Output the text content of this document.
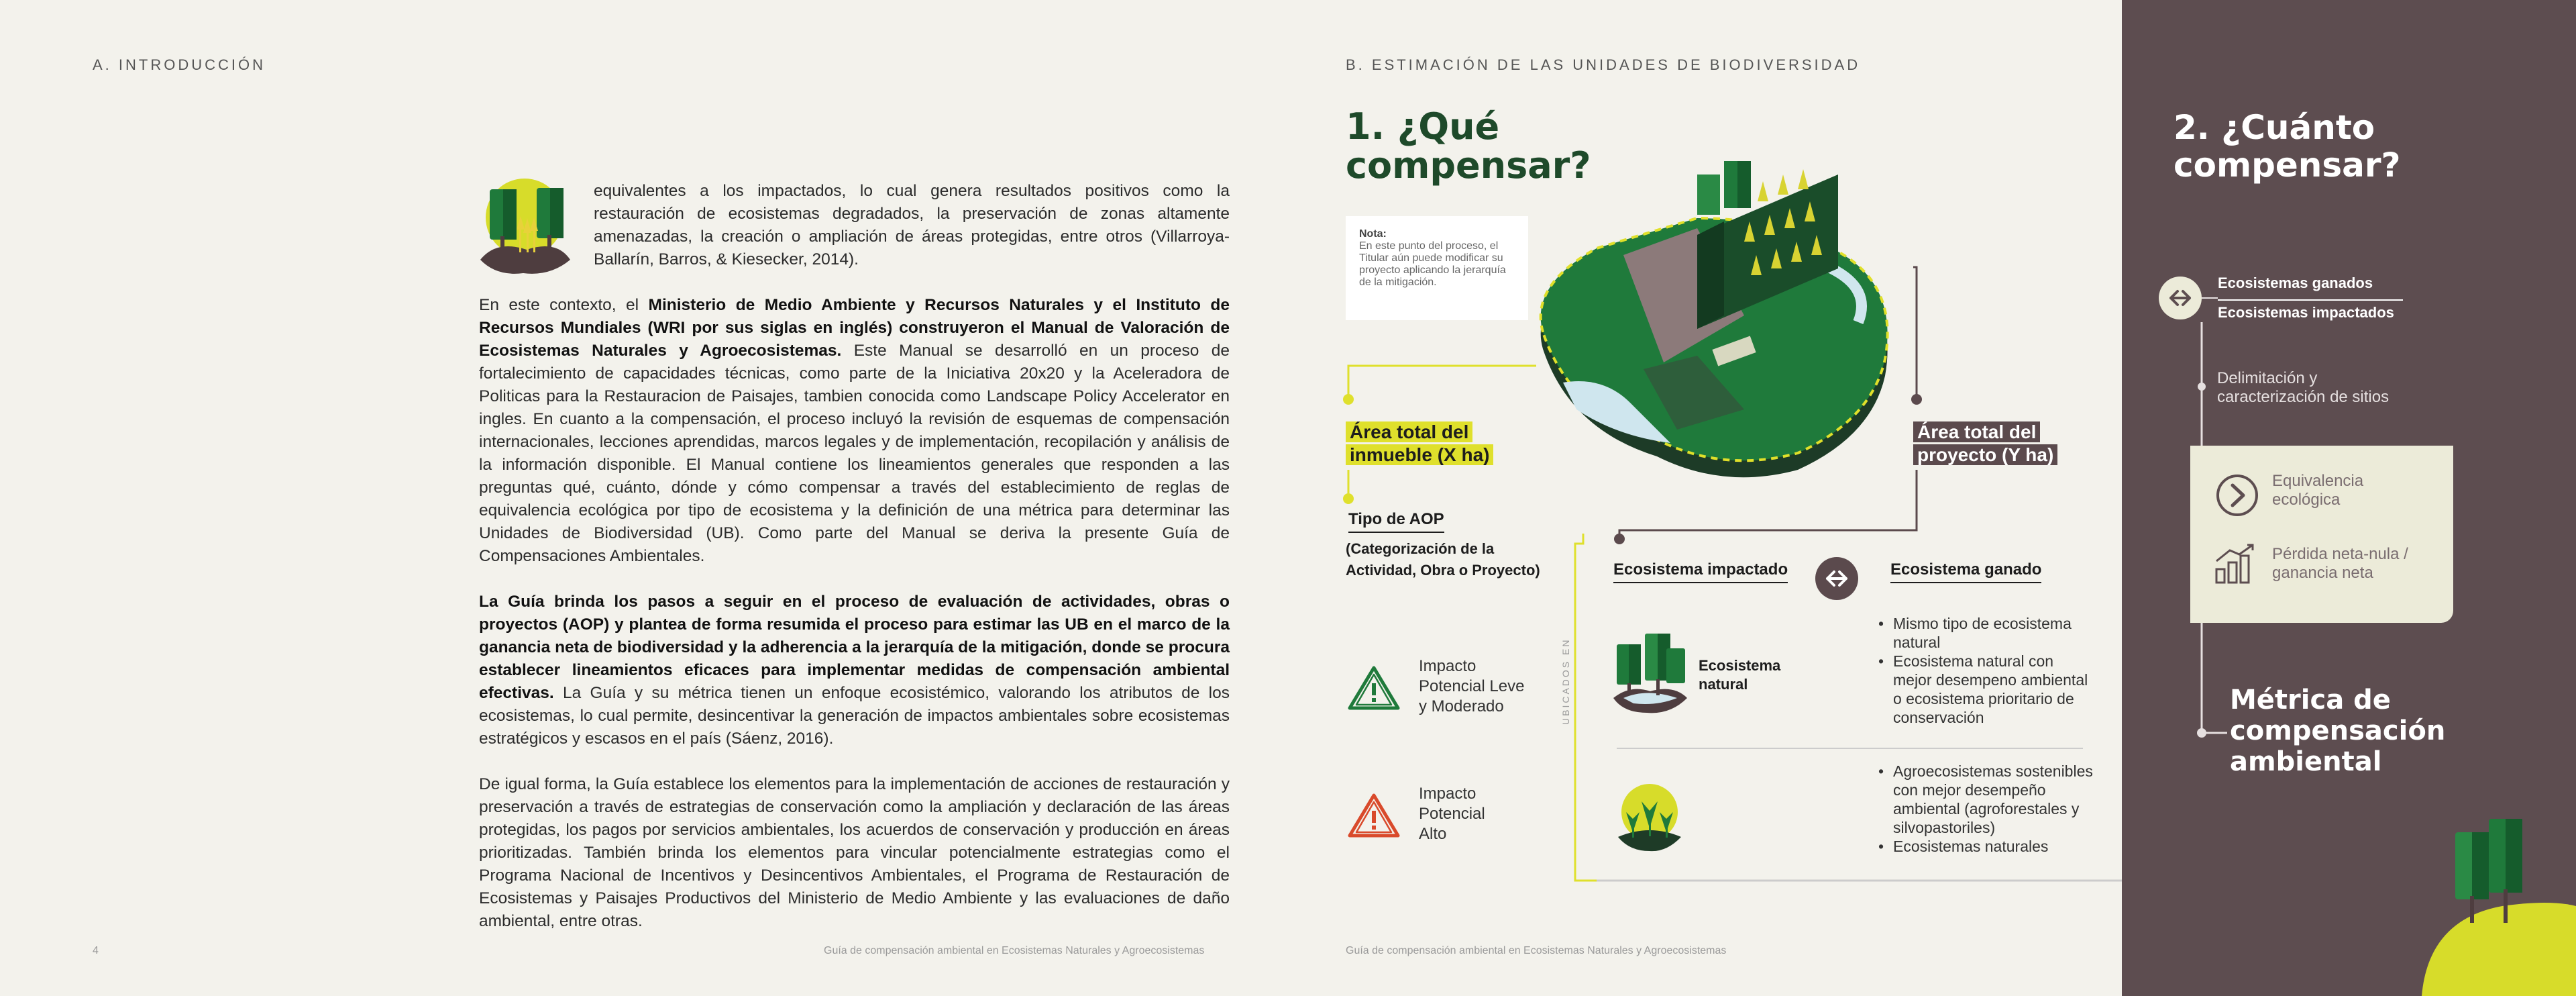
A. INTRODUCCIÓN

equivalentes a los impactados, lo cual genera resultados positivos como la restauración de ecosistemas degradados, la preservación de zonas altamente amenazadas, la creación o ampliación de áreas protegidas, entre otros (Villarroya-Ballarín, Barros, & Kiesecker, 2014).

En este contexto, el Ministerio de Medio Ambiente y Recursos Naturales y el Instituto de Recursos Mundiales (WRI por sus siglas en inglés) construyeron el Manual de Valoración de Ecosistemas Naturales y Agroecosistemas. Este Manual se desarrolló en un proceso de fortalecimiento de capacidades técnicas, como parte de la Iniciativa 20x20 y la Aceleradora de Politicas para la Restauracion de Paisajes, tambien conocida como Landscape Policy Accelerator en ingles. En cuanto a la compensación, el proceso incluyó la revisión de esquemas de compensación internacionales, lecciones aprendidas, marcos legales y de implementación, recopilación y análisis de la información disponible. El Manual contiene los lineamientos generales que responden a las preguntas qué, cuánto, dónde y cómo compensar a través del establecimiento de reglas de equivalencia ecológica por tipo de ecosistema y la definición de una métrica para determinar las Unidades de Biodiversidad (UB). Como parte del Manual se deriva la presente Guía de Compensaciones Ambientales.

La Guía brinda los pasos a seguir en el proceso de evaluación de actividades, obras o proyectos (AOP) y plantea de forma resumida el proceso para estimar las UB en el marco de la ganancia neta de biodiversidad y la adherencia a la jerarquía de la mitigación, donde se procura establecer lineamientos eficaces para implementar medidas de compensación ambiental efectivas. La Guía y su métrica tienen un enfoque ecosistémico, valorando los atributos de los ecosistemas, lo cual permite, desincentivar la generación de impactos ambientales sobre ecosistemas estratégicos y escasos en el país (Sáenz, 2016).

De igual forma, la Guía establece los elementos para la implementación de acciones de restauración y preservación a través de estrategias de conservación como la ampliación y declaración de las áreas protegidas, los pagos por servicios ambientales, los acuerdos de conservación y producción en áreas prioritizadas. También brinda los elementos para vincular potencialmente estrategias como el Programa Nacional de Incentivos y Desincentivos Ambientales, el Programa de Restauración de Ecosistemas y Paisajes Productivos del Ministerio de Medio Ambiente y las evaluaciones de daño ambiental, entre otras.

4	Guía de compensación ambiental en Ecosistemas Naturales y Agroecosistemas
B. ESTIMACIÓN DE LAS UNIDADES DE BIODIVERSIDAD
1. ¿Qué
compensar?
Nota:
En este punto del proceso, el Titular aún puede modificar su proyecto aplicando la jerarquía de la mitigación.
Área total del
inmueble (X ha)
Área total del
proyecto (Y ha)
Tipo de AOP
(Categorización de la
Actividad, Obra o Proyecto)
Impacto
Potencial Leve
y Moderado
Impacto
Potencial
Alto
UBICADOS EN
Ecosistema impactado	Ecosistema ganado
Ecosistema
natural
• Mismo tipo de ecosistema natural
• Ecosistema natural con mejor desempeno ambiental o ecosistema prioritario de conservación
• Agroecosistemas sostenibles con mejor desempeño ambiental (agroforestales y silvopastoriles)
• Ecosistemas naturales
Guía de compensación ambiental en Ecosistemas Naturales y Agroecosistemas
2. ¿Cuánto
compensar?
Ecosistemas ganados
Ecosistemas impactados
Delimitación y
caracterización de sitios
Equivalencia
ecológica
Pérdida neta-nula /
ganancia neta
Métrica de
compensación
ambiental
